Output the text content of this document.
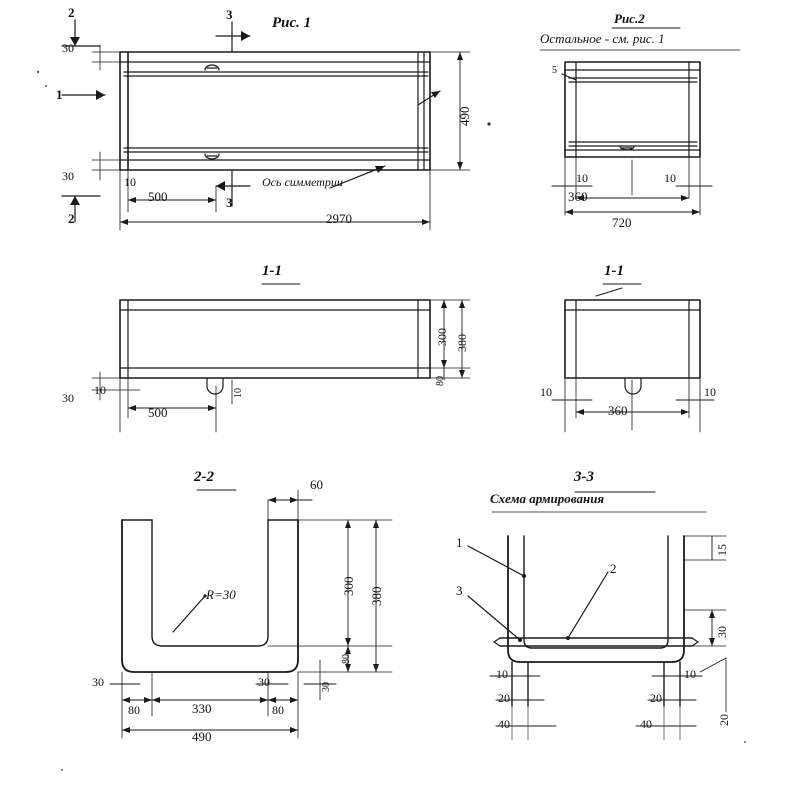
Рис. 1
2
2
1
3
3
Ось симметрии
30
30	10
500
2970
490
Рис.2
Остальное - см. рис. 1
5
10	10
360
720
1-1
30
10
500
10
300 380
80
1-1
10	10
360
2-2	60
R=30	300
380
80
30	30	30
80	330	80
490
3-3
Схема армирования
1
2
3
15
30
20
10
20
40
10
20
40
